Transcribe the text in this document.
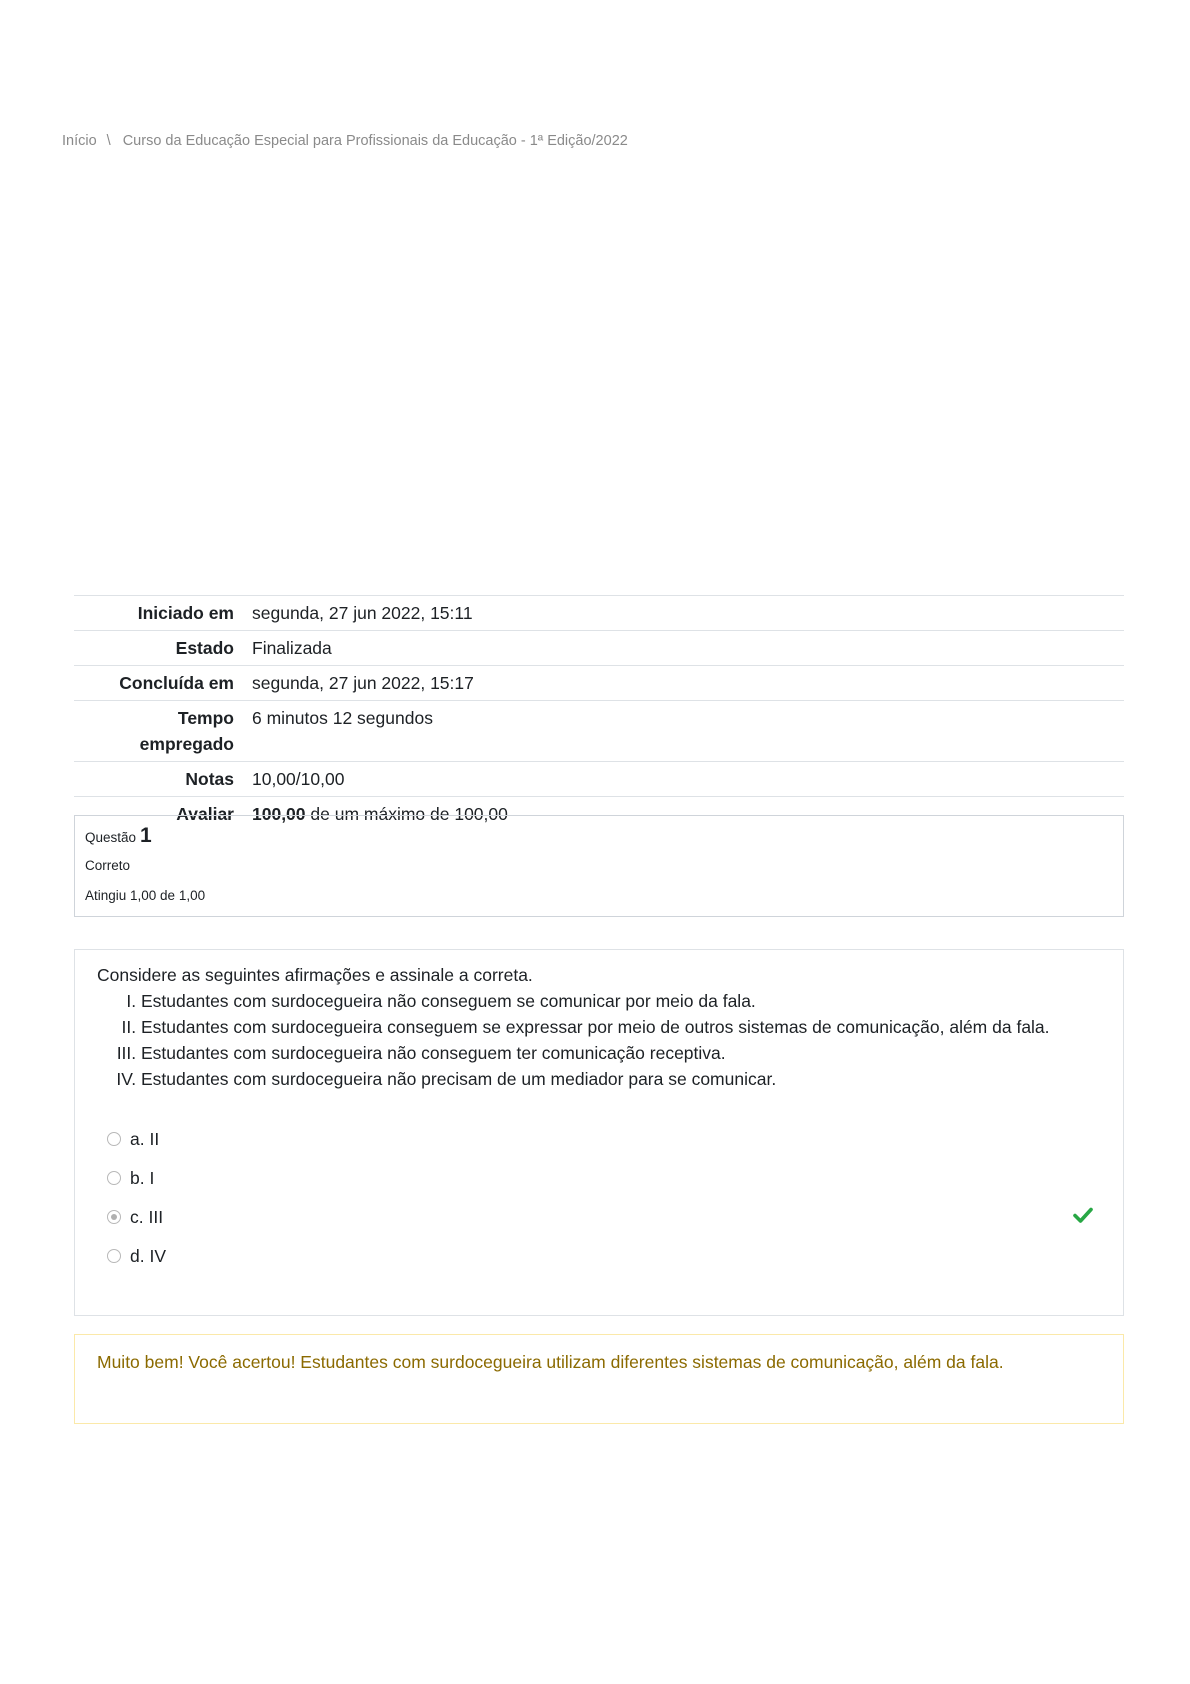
Início \ Curso da Educação Especial para Profissionais da Educação - 1ª Edição/2022
Iniciado em	segunda, 27 jun 2022, 15:11
Estado	Finalizada
Concluída em	segunda, 27 jun 2022, 15:17
Tempo empregado	6 minutos 12 segundos
Notas	10,00/10,00
Avaliar	100,00 de um máximo de 100,00
Questão 1
Correto
Atingiu 1,00 de 1,00
Considere as seguintes afirmações e assinale a correta.
I. Estudantes com surdocegueira não conseguem se comunicar por meio da fala.
II. Estudantes com surdocegueira conseguem se expressar por meio de outros sistemas de comunicação, além da fala.
III. Estudantes com surdocegueira não conseguem ter comunicação receptiva.
IV. Estudantes com surdocegueira não precisam de um mediador para se comunicar.
a. II
b. I
c. III
d. IV
Muito bem! Você acertou! Estudantes com surdocegueira utilizam diferentes sistemas de comunicação, além da fala.
